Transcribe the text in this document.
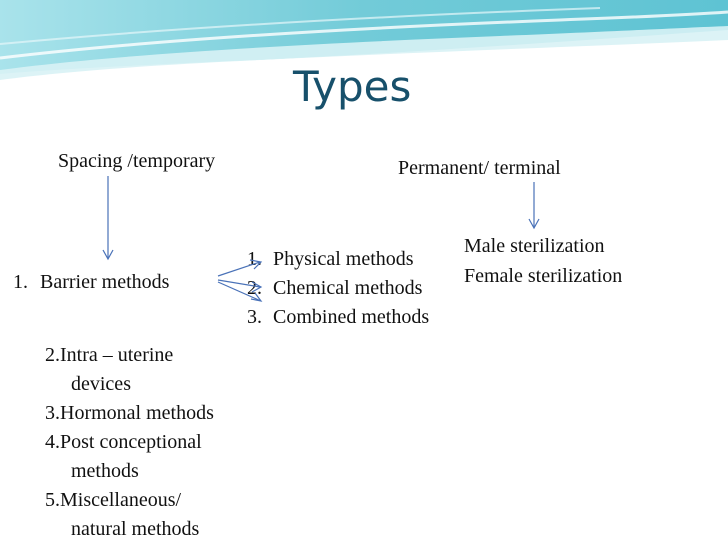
Types
Spacing /temporary	Permanent/ terminal
1. Barrier methods
1. Physical methods
2. Chemical methods
3. Combined methods
Male sterilization
Female sterilization
2.Intra – uterine
devices
3.Hormonal methods
4.Post conceptional
methods
5.Miscellaneous/
natural methods
